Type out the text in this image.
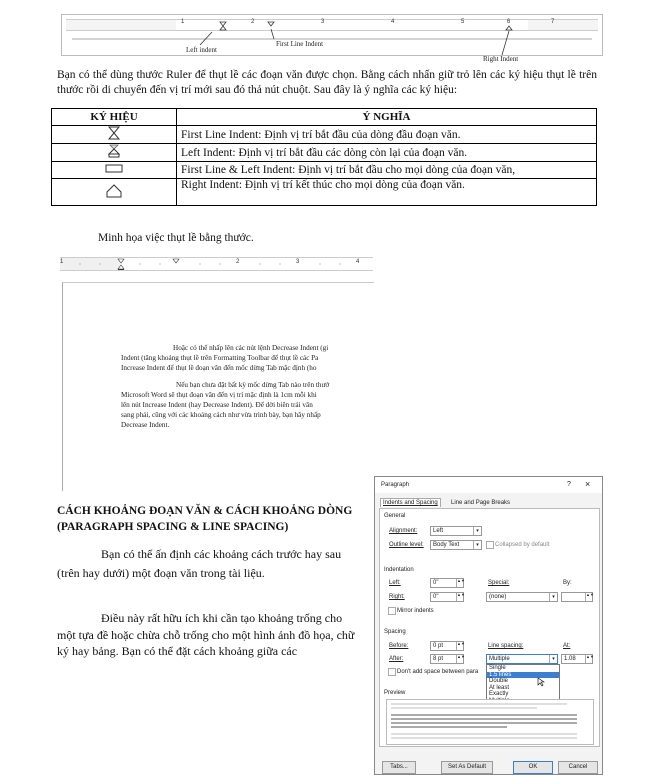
1	2	3	4	5	6	7
Left indent
First Line Indent
Right Indent
Bạn có thể dùng thước Ruler để thụt lề các đoạn văn được chọn. Bằng cách nhấn giữ trỏ lên các ký hiệu thụt lề trên thước rồi di chuyển đến vị trí mới sau đó thả nút chuột. Sau đây là ý nghĩa các ký hiệu:
KÝ HIỆU	Ý NGHĨA
	First Line Indent: Định vị trí bắt đầu của dòng đầu đoạn văn.
	Left Indent: Định vị trí bắt đầu các dòng còn lại của đoạn văn.
	First Line & Left Indent: Định vị trí bắt đầu cho mọi dòng của đoạn văn,
	Right Indent: Định vị trí kết thúc cho mọi dòng của đoạn văn.
Minh họa việc thụt lề bằng thước.
1	2	3	4
Hoặc có thể nhấp lên các nút lệnh Decrease Indent (gi
Indent (tăng khoảng thụt lề trên Formatting Toolbar để thụt lề các Pa
Increase Indent để thụt lề đoạn văn đến mốc dừng Tab mặc định (ho
Nếu bạn chưa đặt bất kỳ mốc dừng Tab nào trên thướ
Microsoft Word sẽ thụt đoạn văn đến vị trí mặc định là 1cm mỗi khi
lên nút Increase Indent (hay Decrease Indent). Để dời biên trái văn
sang phải, cũng với các khoảng cách như vừa trình bày, bạn hãy nhấp
Decrease Indent.
CÁCH KHOẢNG ĐOẠN VĂN & CÁCH KHOẢNG DÒNG (PARAGRAPH SPACING & LINE SPACING)
Bạn có thể ấn định các khoảng cách trước hay sau (trên hay dưới) một đoạn văn trong tài liệu.
Điều này rất hữu ích khi cần tạo khoảng trống cho một tựa đề hoặc chừa chỗ trống cho một hình ảnh đồ họa, chữ ký hay bảng. Bạn có thể đặt cách khoảng giữa các
Paragraph	? ×
Indents and Spacing	Line and Page Breaks
General
Alignment:	Left	▾
Outline level:	Body Text	▾	Collapsed by default
Indentation
Left:	0"	▲▼
Right:	0"	▲▼
Special:
(none)	▾
By:
▲▼
Mirror indents
Spacing
Before:	0 pt	▲▼
After:	8 pt	▲▼
Line spacing:
Multiple	▾
At:
1.08	▲▼
Don't add space between para
Single
1.5 lines
Double
At least
Exactly
Preview
Tabs...	Set As Default	OK	Cancel
